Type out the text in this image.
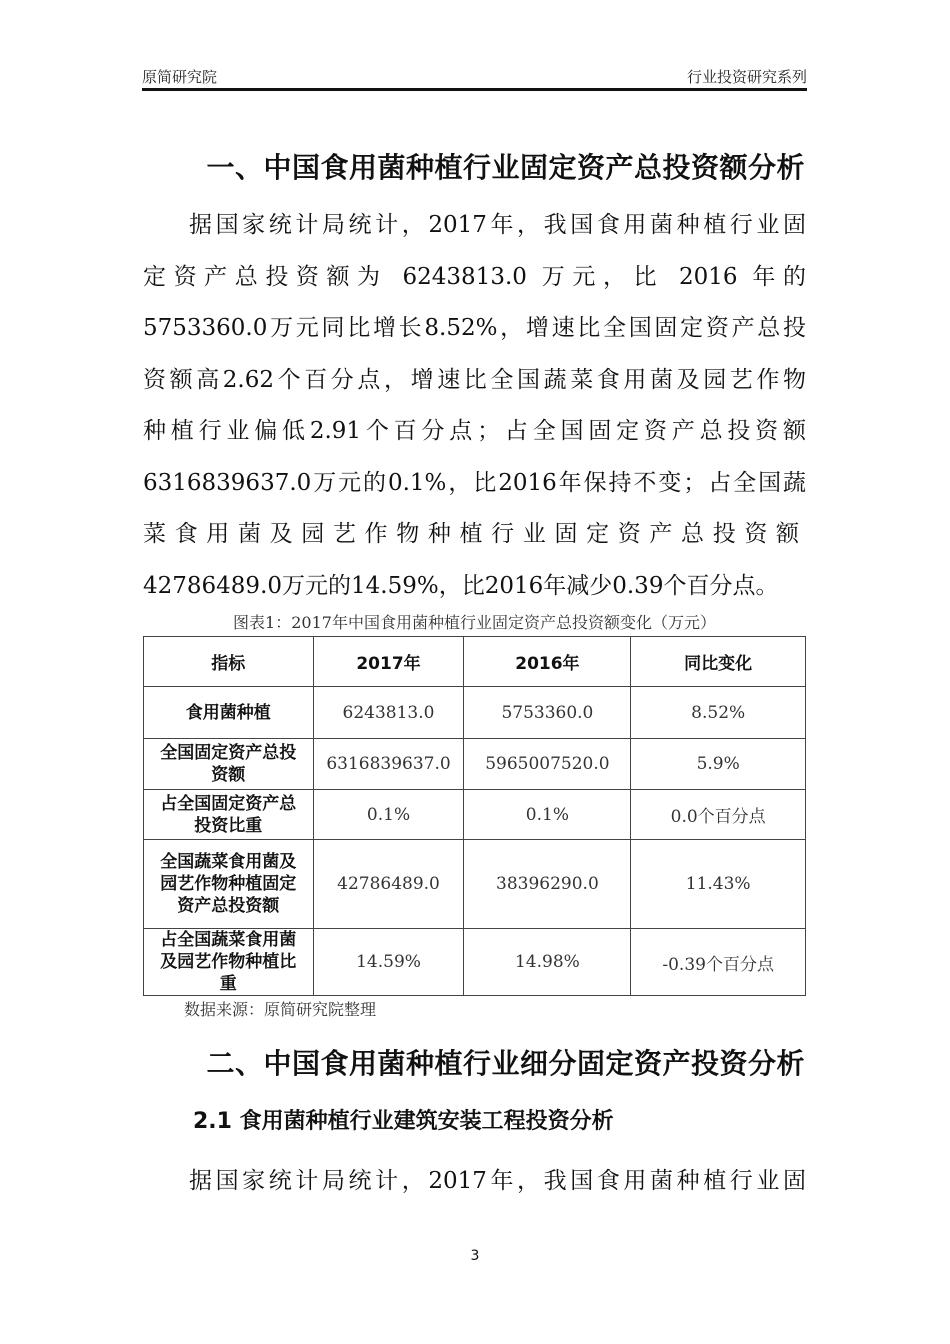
原简研究院	行业投资研究系列
一、中国食用菌种植行业固定资产总投资额分析
据国家统计局统计，2017年，我国食用菌种植行业固
定资产总投资额为 6243813.0 万元，比 2016 年的
5753360.0万元同比增长8.52%，增速比全国固定资产总投
资额高2.62个百分点，增速比全国蔬菜食用菌及园艺作物
种植行业偏低2.91个百分点；占全国固定资产总投资额
6316839637.0万元的0.1%，比2016年保持不变；占全国蔬
菜食用菌及园艺作物种植行业固定资产总投资额
42786489.0万元的14.59%，比2016年减少0.39个百分点。
图表1：2017年中国食用菌种植行业固定资产总投资额变化（万元）
指标	2017年	2016年	同比变化
食用菌种植	6243813.0	5753360.0	8.52%
全国固定资产总投资额	6316839637.0	5965007520.0	5.9%
占全国固定资产总投资比重	0.1%	0.1%	0.0个百分点
全国蔬菜食用菌及园艺作物种植固定资产总投资额	42786489.0	38396290.0	11.43%
占全国蔬菜食用菌及园艺作物种植比重	14.59%	14.98%	-0.39个百分点
数据来源：原简研究院整理
二、中国食用菌种植行业细分固定资产投资分析
2.1 食用菌种植行业建筑安装工程投资分析
据国家统计局统计，2017年，我国食用菌种植行业固
3
